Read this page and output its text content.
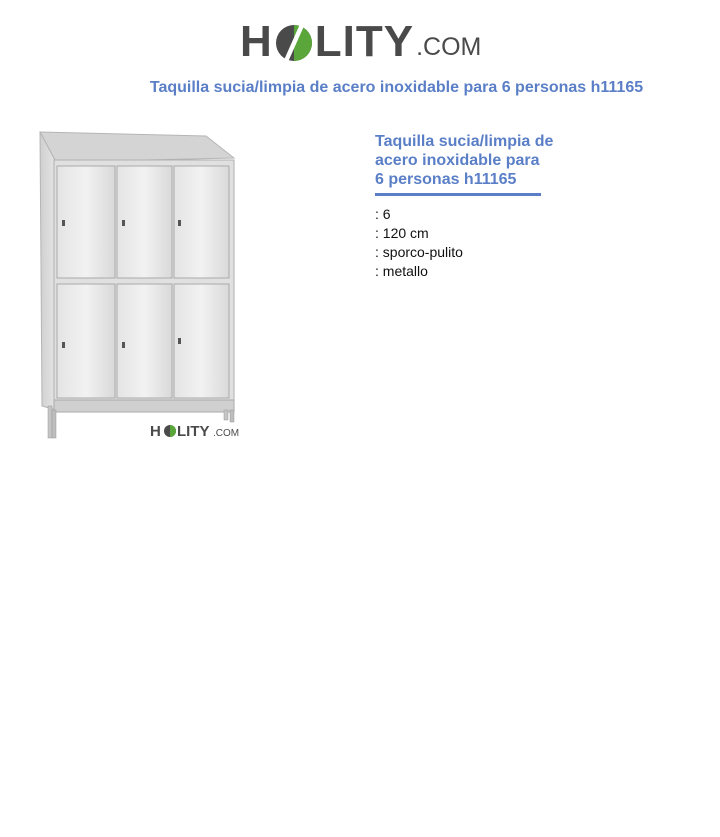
H LITY .COM
Taquilla sucia/limpia de acero inoxidable para 6 personas h11165
H LITY .COM
Taquilla sucia/limpia de
acero inoxidable para
6 personas h11165
: 6
: 120 cm
: sporco-pulito
: metallo
